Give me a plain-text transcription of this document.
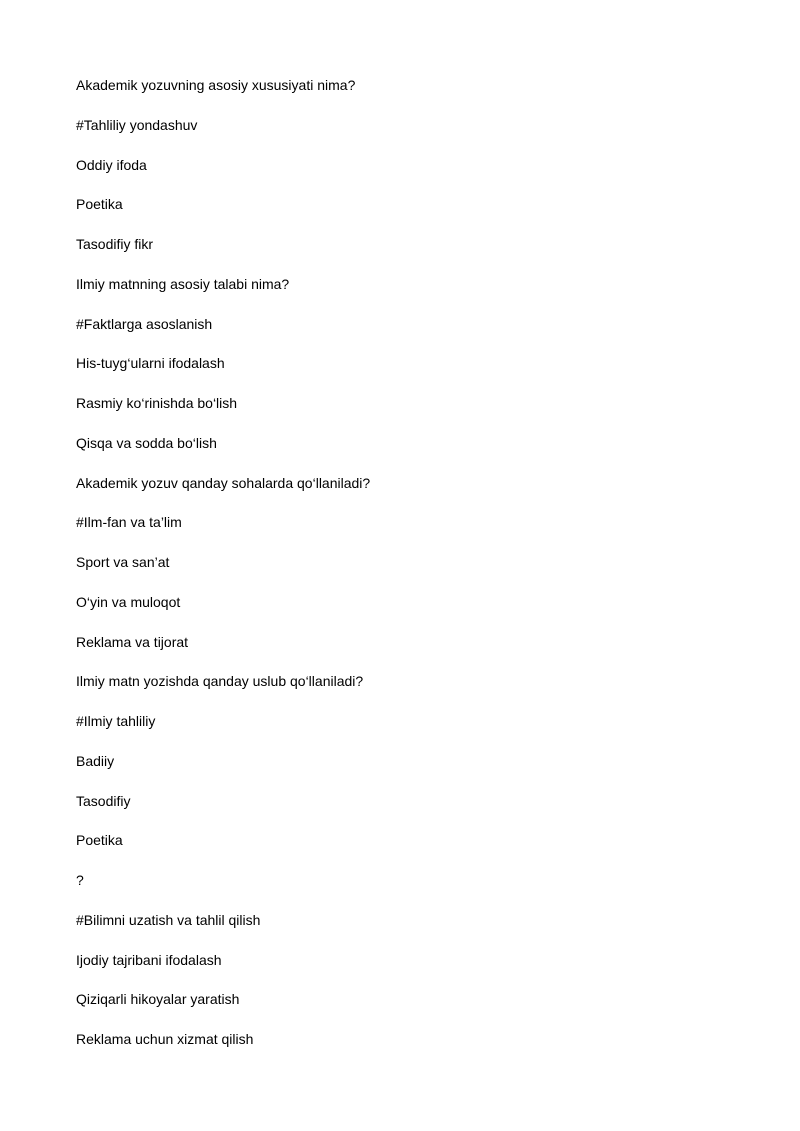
Akademik yozuvning asosiy xususiyati nima?
#Tahliliy yondashuv
Oddiy ifoda
Poetika
Tasodifiy fikr
Ilmiy matnning asosiy talabi nima?
#Faktlarga asoslanish
His-tuyg‘ularni ifodalash
Rasmiy ko‘rinishda bo‘lish
Qisqa va sodda bo‘lish
Akademik yozuv qanday sohalarda qo‘llaniladi?
#Ilm-fan va ta’lim
Sport va san’at
O‘yin va muloqot
Reklama va tijorat
Ilmiy matn yozishda qanday uslub qo‘llaniladi?
#Ilmiy tahliliy
Badiiy
Tasodifiy
Poetika
?
#Bilimni uzatish va tahlil qilish
Ijodiy tajribani ifodalash
Qiziqarli hikoyalar yaratish
Reklama uchun xizmat qilish
